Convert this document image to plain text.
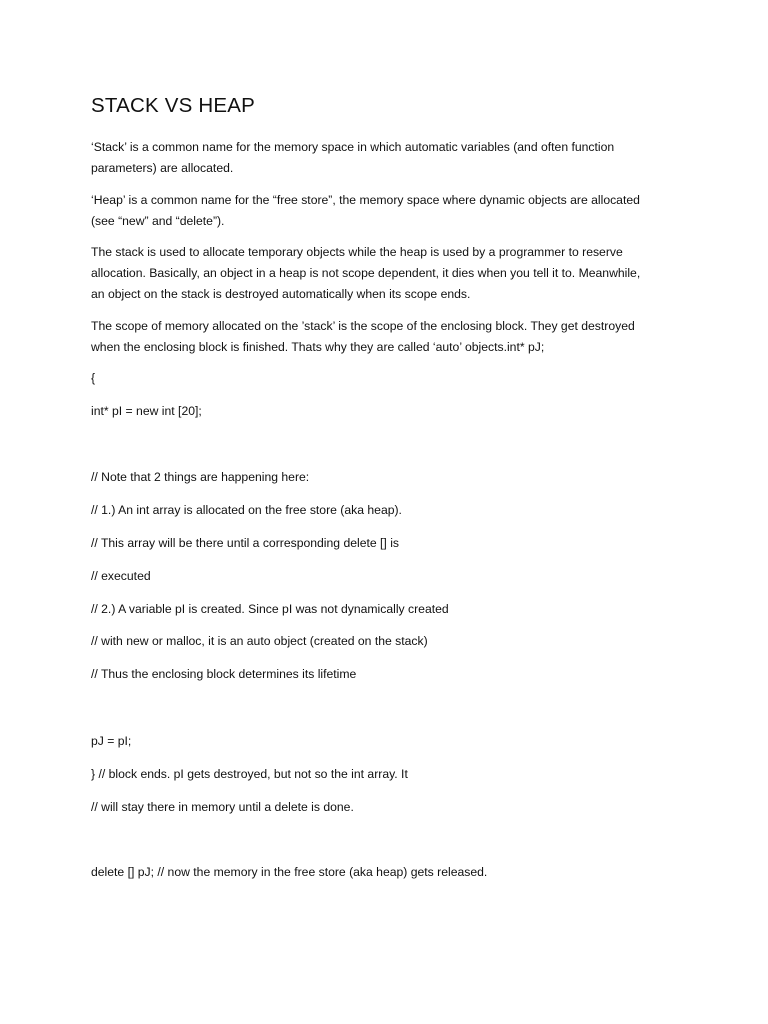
STACK VS HEAP

‘Stack’ is a common name for the memory space in which automatic variables (and often function
parameters) are allocated.

‘Heap’ is a common name for the “free store”, the memory space where dynamic objects are allocated
(see “new” and “delete”).

The stack is used to allocate temporary objects while the heap is used by a programmer to reserve
allocation. Basically, an object in a heap is not scope dependent, it dies when you tell it to. Meanwhile,
an object on the stack is destroyed automatically when its scope ends.

The scope of memory allocated on the ’stack’ is the scope of the enclosing block. They get destroyed
when the enclosing block is finished. Thats why they are called ‘auto’ objects.int* pJ;

{

int* pI = new int [20];

// Note that 2 things are happening here:

// 1.) An int array is allocated on the free store (aka heap).

// This array will be there until a corresponding delete [] is

// executed

// 2.) A variable pI is created. Since pI was not dynamically created

// with new or malloc, it is an auto object (created on the stack)

// Thus the enclosing block determines its lifetime

pJ = pI;

} // block ends. pI gets destroyed, but not so the int array. It

// will stay there in memory until a delete is done.

delete [] pJ; // now the memory in the free store (aka heap) gets released.
